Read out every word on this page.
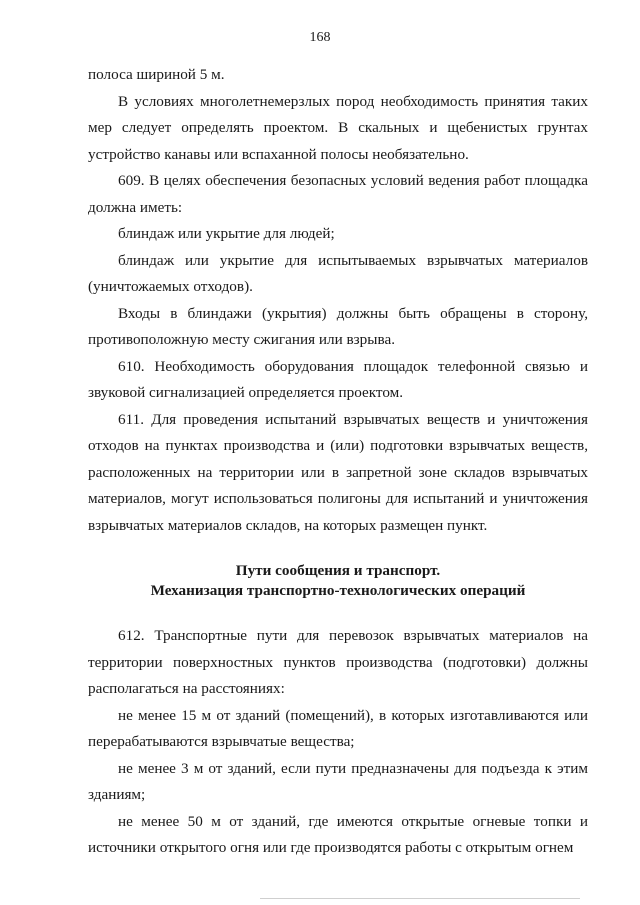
168

полоса шириной 5 м.

В условиях многолетнемерзлых пород необходимость принятия таких мер следует определять проектом. В скальных и щебенистых грунтах устройство канавы или вспаханной полосы необязательно.

609. В целях обеспечения безопасных условий ведения работ площадка должна иметь:

блиндаж или укрытие для людей;

блиндаж или укрытие для испытываемых взрывчатых материалов (уничтожаемых отходов).

Входы в блиндажи (укрытия) должны быть обращены в сторону, противоположную месту сжигания или взрыва.

610. Необходимость оборудования площадок телефонной связью и звуковой сигнализацией определяется проектом.

611. Для проведения испытаний взрывчатых веществ и уничтожения отходов на пунктах производства и (или) подготовки взрывчатых веществ, расположенных на территории или в запретной зоне складов взрывчатых материалов, могут использоваться полигоны для испытаний и уничтожения взрывчатых материалов складов, на которых размещен пункт.

Пути сообщения и транспорт.
Механизация транспортно-технологических операций

612. Транспортные пути для перевозок взрывчатых материалов на территории поверхностных пунктов производства (подготовки) должны располагаться на расстояниях:

не менее 15 м от зданий (помещений), в которых изготавливаются или перерабатываются взрывчатые вещества;

не менее 3 м от зданий, если пути предназначены для подъезда к этим зданиям;

не менее 50 м от зданий, где имеются открытые огневые топки и источники открытого огня или где производятся работы с открытым огнем
